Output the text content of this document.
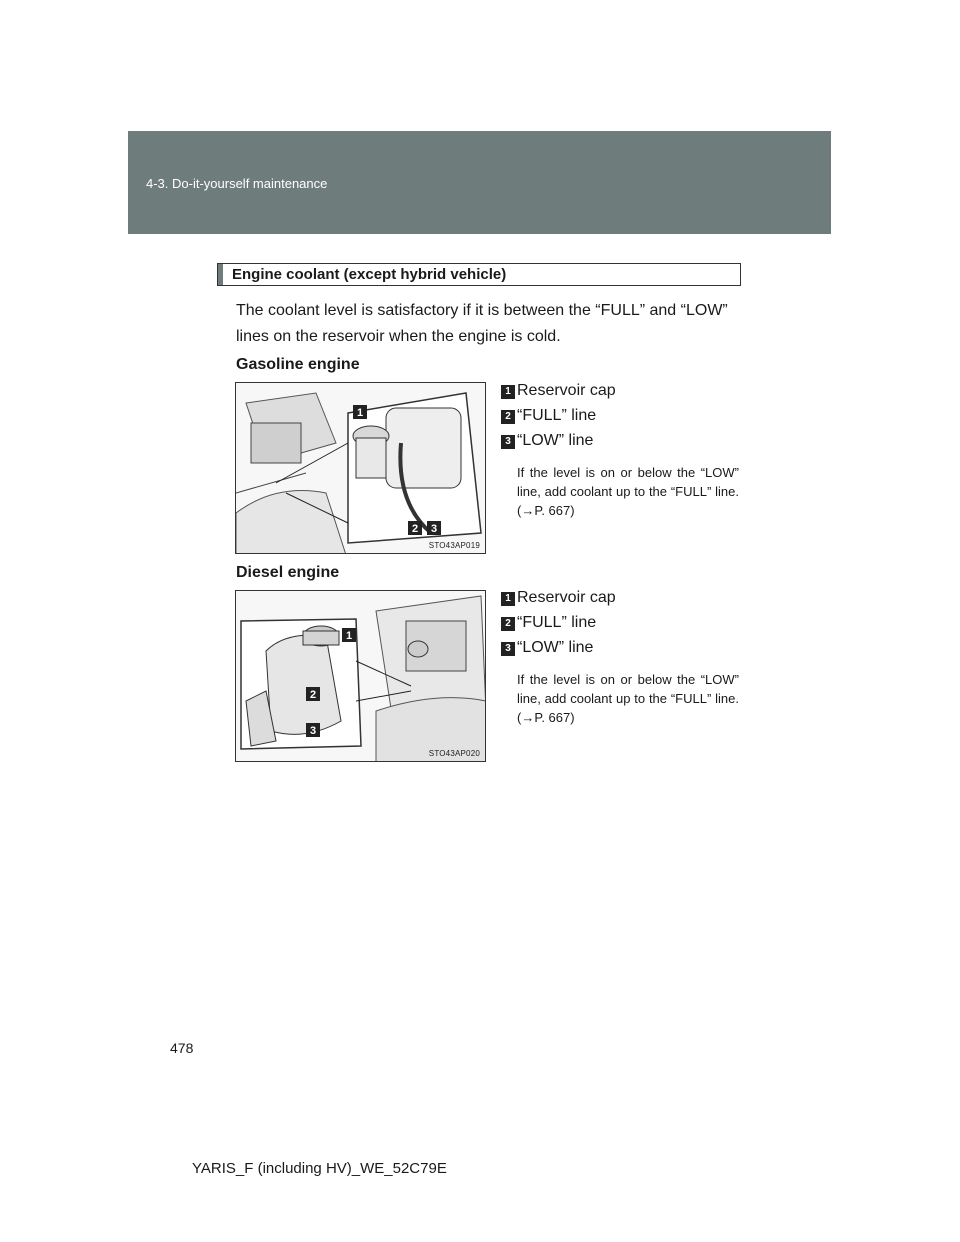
4-3. Do-it-yourself maintenance
Engine coolant (except hybrid vehicle)
The coolant level is satisfactory if it is between the “FULL” and “LOW” lines on the reservoir when the engine is cold.
Gasoline engine
1
2 3
STO43AP019
1 Reservoir cap
2 “FULL” line
3 “LOW” line
If the level is on or below the “LOW” line, add coolant up to the “FULL” line. (→P. 667)
Diesel engine
1
2
3
STO43AP020
1 Reservoir cap
2 “FULL” line
3 “LOW” line
If the level is on or below the “LOW” line, add coolant up to the “FULL” line. (→P. 667)
478
YARIS_F (including HV)_WE_52C79E
